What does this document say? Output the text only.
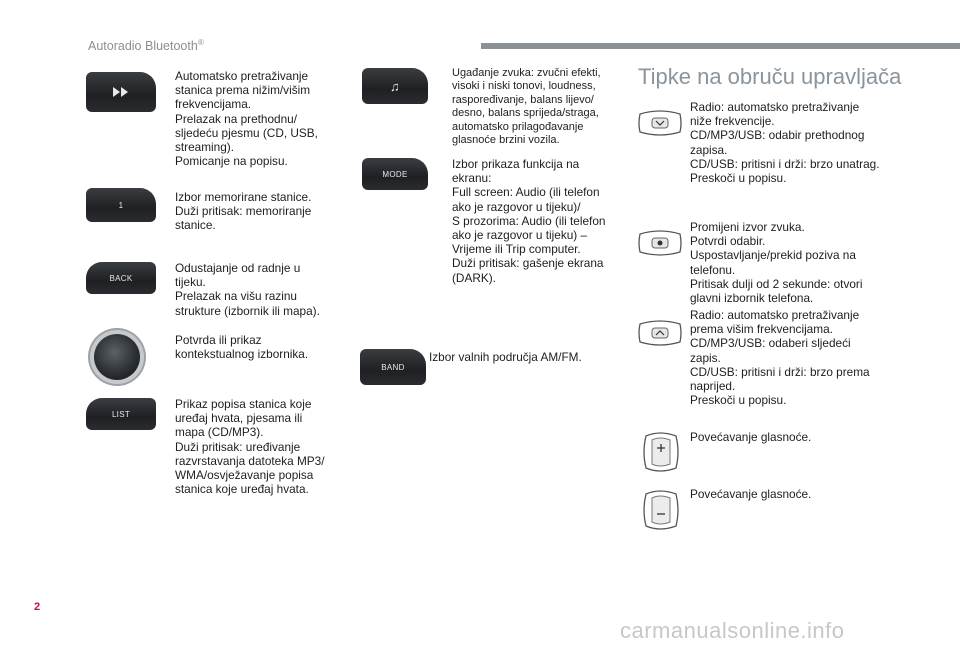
Autoradio Bluetooth®
Automatsko pretraživanje
stanica prema nižim/višim
frekvencijama.
Prelazak na prethodnu/
sljedeću pjesmu (CD, USB,
streaming).
Pomicanje na popisu.
1
Izbor memorirane stanice.
Duži pritisak: memoriranje
stanice.
BACK
Odustajanje od radnje u
tijeku.
Prelazak na višu razinu
strukture (izbornik ili mapa).
Potvrda ili prikaz
kontekstualnog izbornika.
LIST
Prikaz popisa stanica koje
uređaj hvata, pjesama ili
mapa (CD/MP3).
Duži pritisak: uređivanje
razvrstavanja datoteka MP3/
WMA/osvježavanje popisa
stanica koje uređaj hvata.
♫
Ugađanje zvuka: zvučni efekti,
visoki i niski tonovi, loudness,
raspoređivanje, balans lijevo/
desno, balans sprijeda/straga,
automatsko prilagođavanje
glasnoće brzini vozila.
MODE
Izbor prikaza funkcija na
ekranu:
Full screen: Audio (ili telefon
ako je razgovor u tijeku)/
S prozorima: Audio (ili telefon
ako je razgovor u tijeku) –
Vrijeme ili Trip computer.
Duži pritisak: gašenje ekrana
(DARK).
BAND
Izbor valnih područja AM/FM.
Tipke na obruču upravljača
Radio: automatsko pretraživanje
niže frekvencije.
CD/MP3/USB: odabir prethodnog
zapisa.
CD/USB: pritisni i drži: brzo unatrag.
Preskoči u popisu.
Promijeni izvor zvuka.
Potvrdi odabir.
Uspostavljanje/prekid poziva na
telefonu.
Pritisak dulji od 2 sekunde: otvori
glavni izbornik telefona.
Radio: automatsko pretraživanje
prema višim frekvencijama.
CD/MP3/USB: odaberi sljedeći
zapis.
CD/USB: pritisni i drži: brzo prema
naprijed.
Preskoči u popisu.
Povećavanje glasnoće.
Povećavanje glasnoće.
2
carmanualsonline.info
